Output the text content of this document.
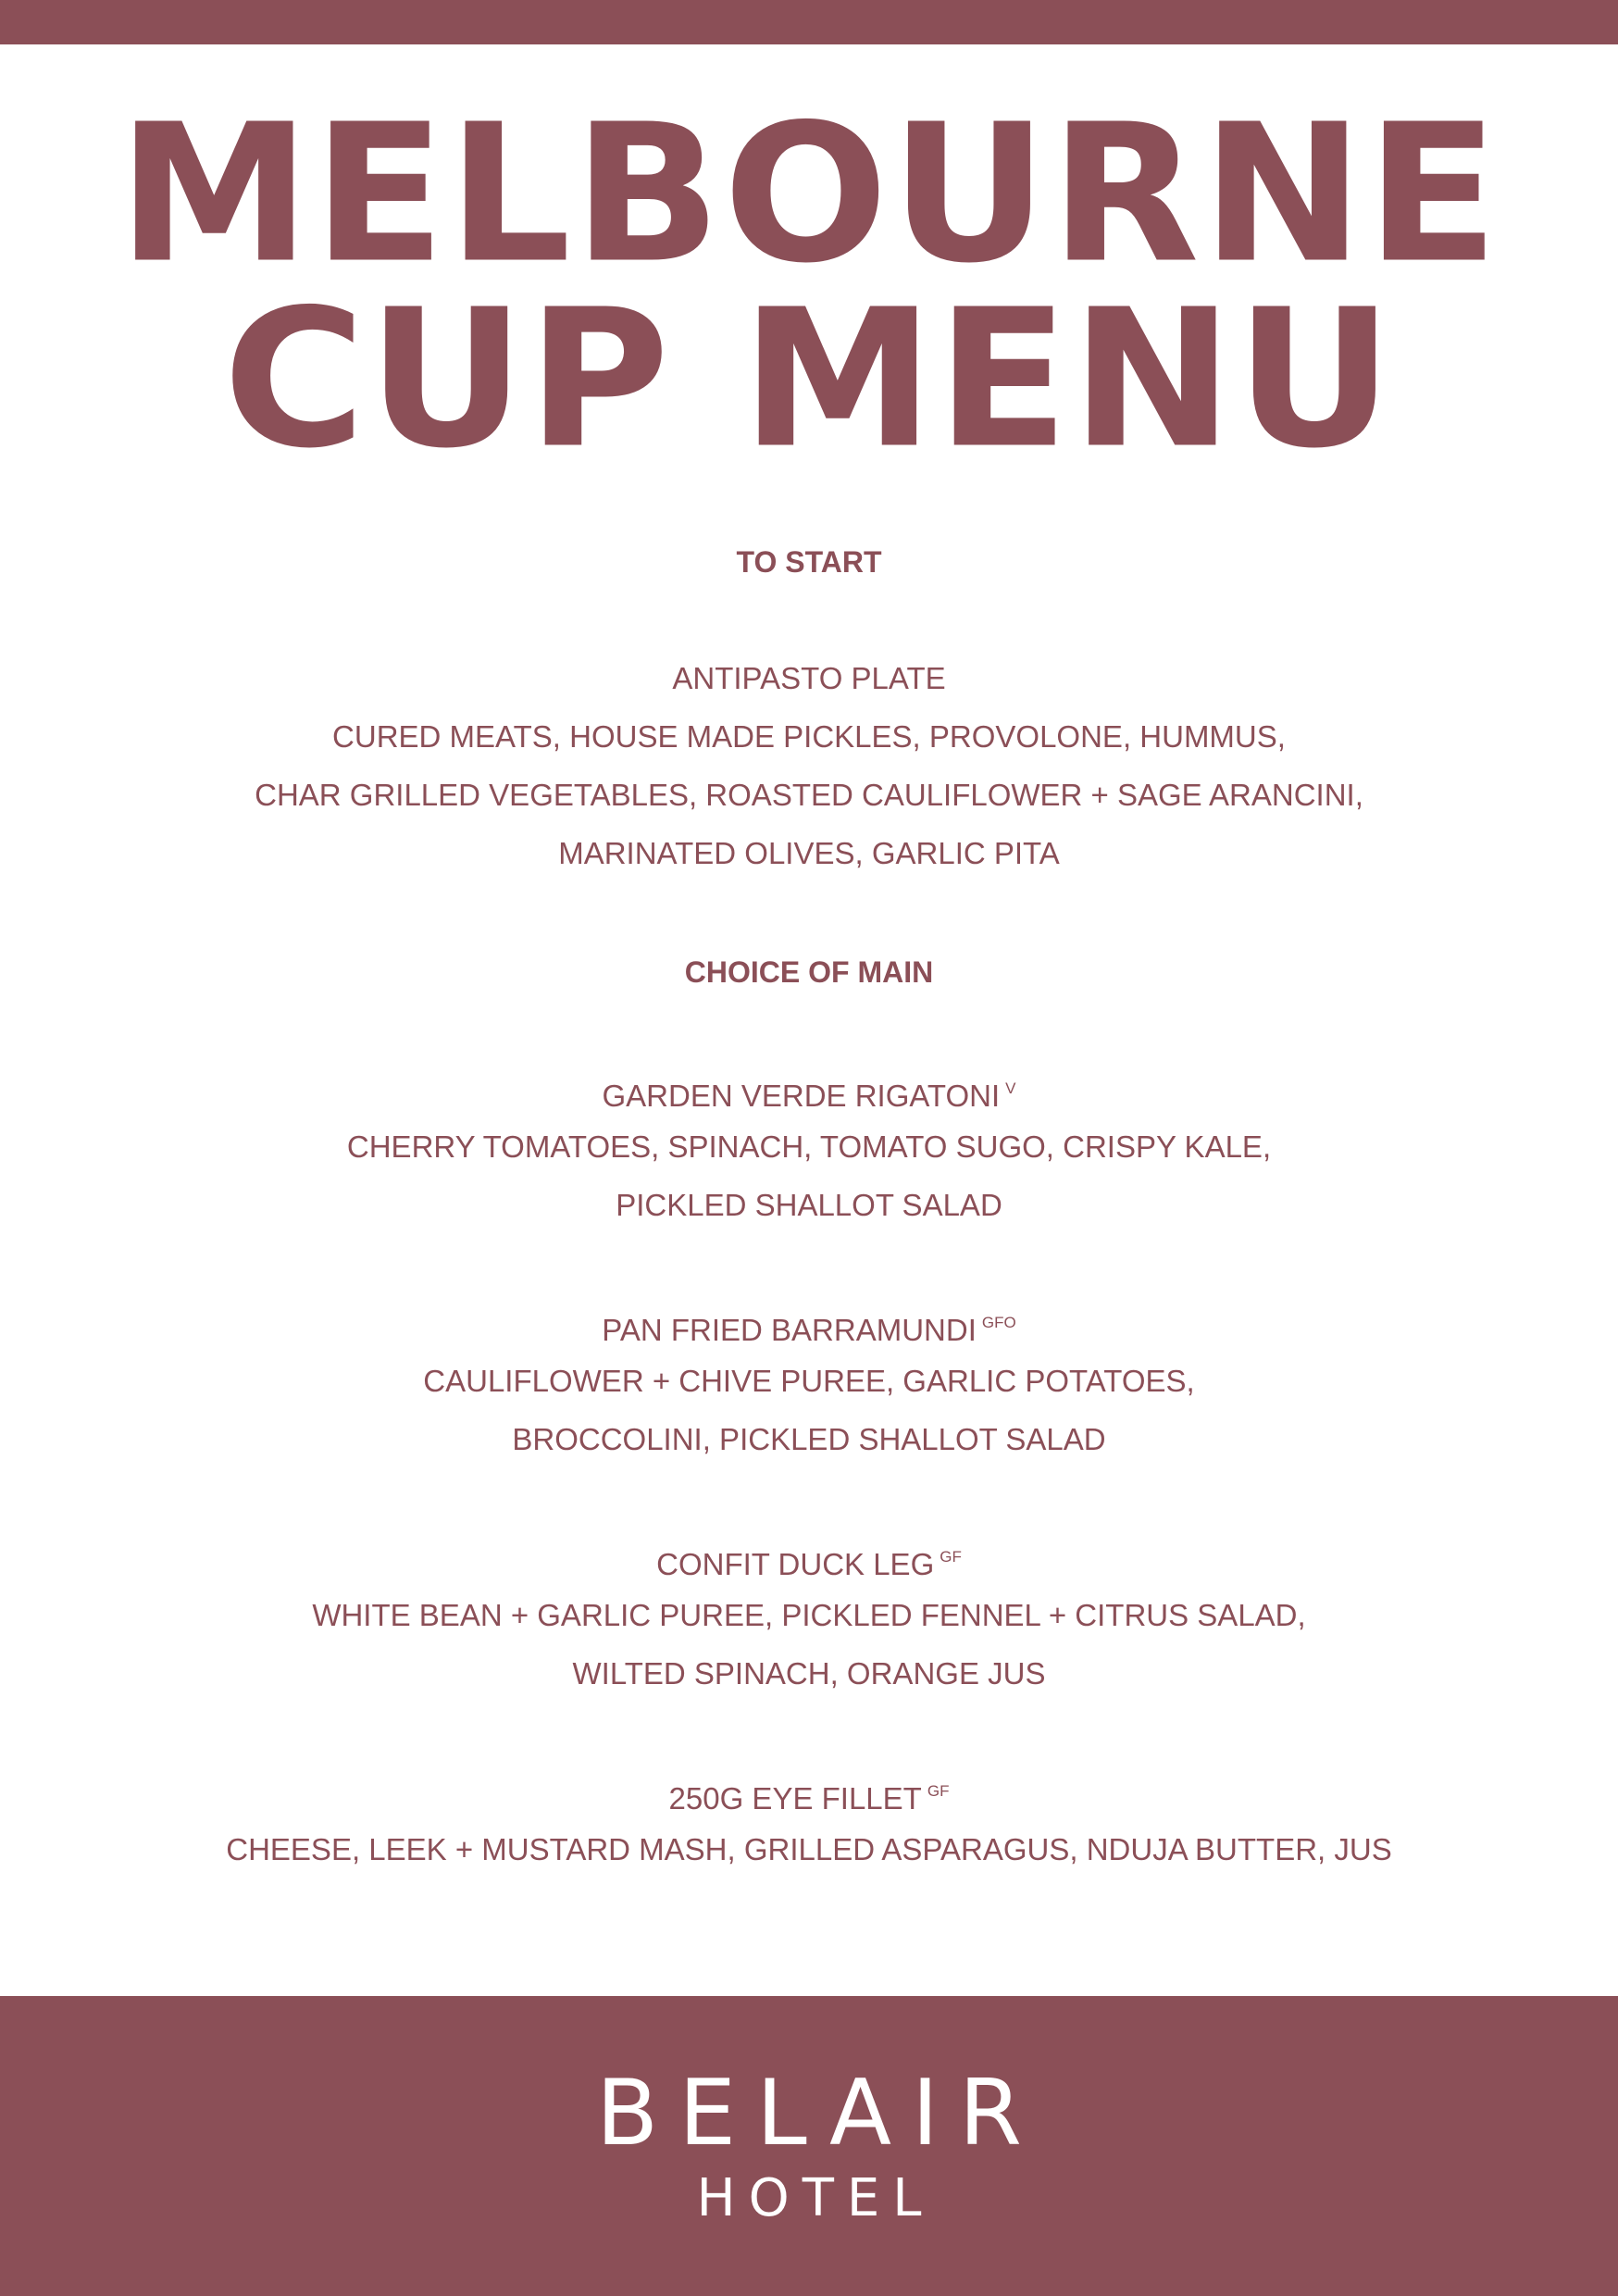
MELBOURNE
CUP MENU
TO START
ANTIPASTO PLATE
CURED MEATS, HOUSE MADE PICKLES, PROVOLONE, HUMMUS,
CHAR GRILLED VEGETABLES, ROASTED CAULIFLOWER + SAGE ARANCINI,
MARINATED OLIVES, GARLIC PITA
CHOICE OF MAIN
GARDEN VERDE RIGATONI $^V$
CHERRY TOMATOES, SPINACH, TOMATO SUGO, CRISPY KALE,
PICKLED SHALLOT SALAD
PAN FRIED BARRAMUNDI $^{GFO}$
CAULIFLOWER + CHIVE PUREE, GARLIC POTATOES,
BROCCOLINI, PICKLED SHALLOT SALAD
CONFIT DUCK LEG $^{GF}$
WHITE BEAN + GARLIC PUREE, PICKLED FENNEL + CITRUS SALAD,
WILTED SPINACH, ORANGE JUS
250G EYE FILLET $^{GF}$
CHEESE, LEEK + MUSTARD MASH, GRILLED ASPARAGUS, NDUJA BUTTER, JUS
BELAIR
HOTEL
